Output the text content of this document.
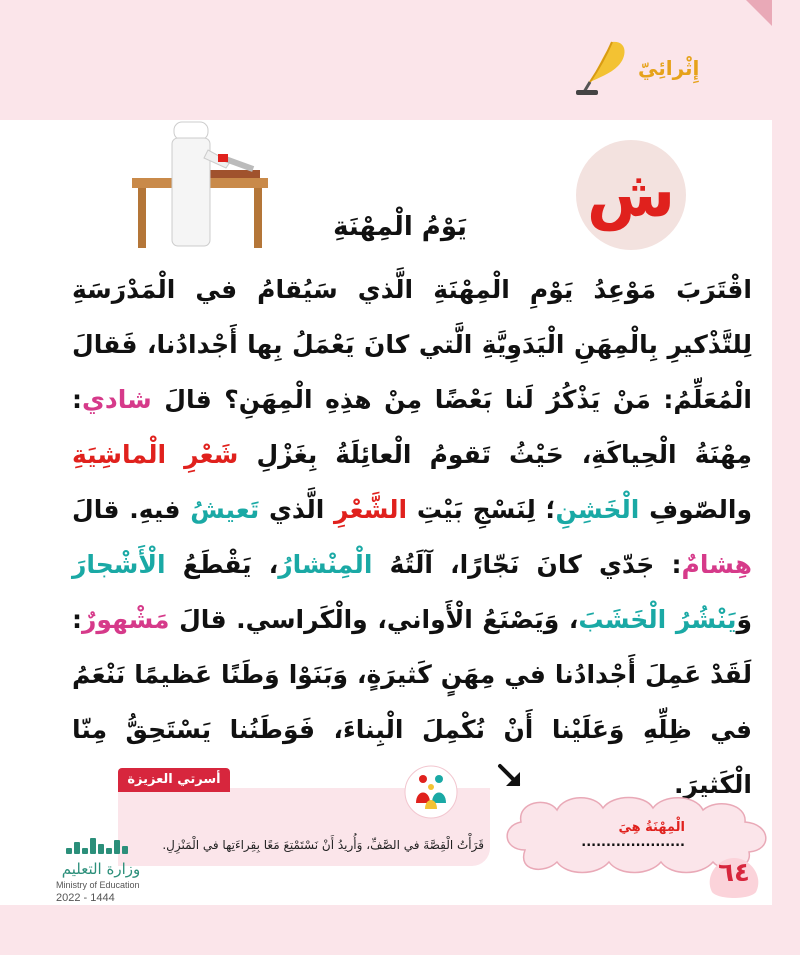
إِثْرائِيّ
ش
يَوْمُ الْمِهْنَةِ
اقْتَرَبَ مَوْعِدُ يَوْمِ الْمِهْنَةِ الَّذي سَيُقامُ في الْمَدْرَسَةِ لِلتَّذْكيرِ بِالْمِهَنِ الْيَدَوِيَّةِ الَّتي كانَ يَعْمَلُ بِها أَجْدادُنا، فَقالَ الْمُعَلِّمُ: مَنْ يَذْكُرُ لَنا بَعْضًا مِنْ هذِهِ الْمِهَنِ؟ قالَ شادي: مِهْنَةُ الْحِياكَةِ، حَيْثُ تَقومُ الْعائِلَةُ بِغَزْلِ شَعْرِ الْماشِيَةِ والصّوفِ الْخَشِنِ؛ لِنَسْجِ بَيْتِ الشَّعْرِ الَّذي تَعيشُ فيهِ. قالَ هِشامٌ: جَدّي كانَ نَجّارًا، آلَتُهُ الْمِنْشارُ، يَقْطَعُ الْأَشْجارَ وَيَنْشُرُ الْخَشَبَ، وَيَصْنَعُ الْأَواني، والْكَراسي. قالَ مَشْهورٌ: لَقَدْ عَمِلَ أَجْدادُنا في مِهَنٍ كَثيرَةٍ، وَبَنَوْا وَطَنًا عَظيمًا نَنْعَمُ في ظِلِّهِ وَعَلَيْنا أَنْ نُكْمِلَ الْبِناءَ، فَوَطَنُنا يَسْتَحِقُّ مِنّا الْكَثيرَ.
الْمِهْنَةُ هِيَ .....................
أسرتي العزيزة
قَرَأْتُ الْقِصَّةَ في الصَّفِّ، وَأُريدُ أَنْ نَسْتَمْتِعَ مَعًا بِقِراءَتِها في الْمَنْزِلِ.
٦٤
وزارة التعليم
Ministry of Education
2022 - 1444
